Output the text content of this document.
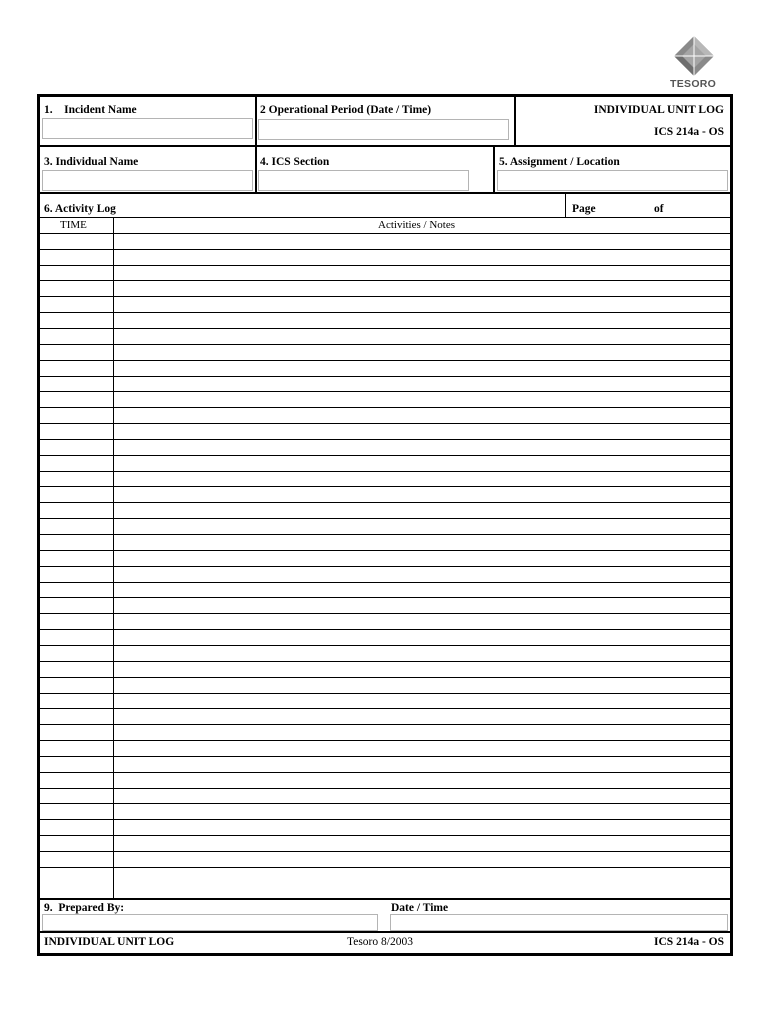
TESORO
1.    Incident Name	2 Operational Period (Date / Time)	INDIVIDUAL UNIT LOG
ICS 214a - OS
3. Individual Name	4. ICS Section	5. Assignment / Location
6. Activity Log	Page	of
TIME	Activities / Notes
9.  Prepared By:	Date / Time
INDIVIDUAL UNIT LOG	Tesoro 8/2003	ICS 214a - OS
